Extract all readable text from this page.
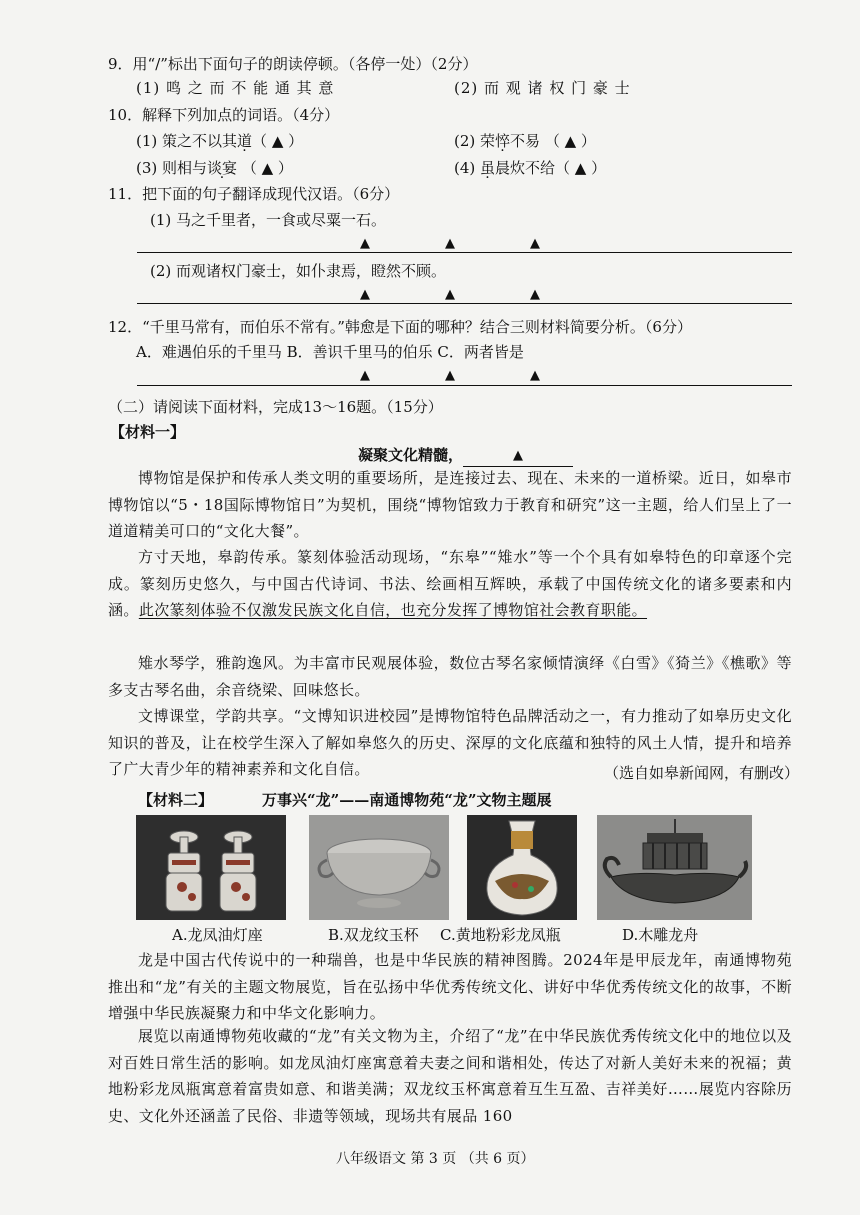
9．用“/”标出下面句子的朗读停顿。（各停一处）（2分）
(1) 鸣 之 而 不 能 通 其 意	(2) 而 观 诸 权 门 豪 士
10．解释下列加点的词语。（4分）
(1) 策之不以其道（ ▲ ）	(2) 荣悴不易 （ ▲ ）
(3) 则相与谈宴 （ ▲ ）	(4) 虽晨炊不给（ ▲ ）
11．把下面的句子翻译成现代汉语。（6分）
(1) 马之千里者，一食或尽粟一石。
▲	▲	▲
(2) 而观诸权门豪士，如仆隶焉，瞪然不顾。
▲	▲	▲
12．“千里马常有，而伯乐不常有。”韩愈是下面的哪种？结合三则材料简要分析。（6分）
A．难遇伯乐的千里马 B．善识千里马的伯乐 C．两者皆是
▲	▲	▲
（二）请阅读下面材料，完成13～16题。（15分）
【材料一】
凝聚文化精髓，	▲
博物馆是保护和传承人类文明的重要场所，是连接过去、现在、未来的一道桥梁。近日，如皋市博物馆以“5・18国际博物馆日”为契机，围绕“博物馆致力于教育和研究”这一主题，给人们呈上了一道道精美可口的“文化大餐”。
方寸天地，皋韵传承。篆刻体验活动现场，“东皋”“雉水”等一个个具有如皋特色的印章逐个完成。篆刻历史悠久，与中国古代诗词、书法、绘画相互辉映，承载了中国传统文化的诸多要素和内涵。此次篆刻体验不仅激发民族文化自信，也充分发挥了博物馆社会教育职能。
雉水琴学，雅韵逸风。为丰富市民观展体验，数位古琴名家倾情演绎《白雪》《猗兰》《樵歌》等多支古琴名曲，余音绕梁、回味悠长。
文博课堂，学韵共享。“文博知识进校园”是博物馆特色品牌活动之一，有力推动了如皋历史文化知识的普及，让在校学生深入了解如皋悠久的历史、深厚的文化底蕴和独特的风土人情，提升和培养了广大青少年的精神素养和文化自信。	（选自如皋新闻网，有删改）
【材料二】	万事兴“龙”——南通博物苑“龙”文物主题展
A.龙凤油灯座	B.双龙纹玉杯 C.黄地粉彩龙凤瓶	D.木雕龙舟
龙是中国古代传说中的一种瑞兽，也是中华民族的精神图腾。2024年是甲辰龙年，南通博物苑推出和“龙”有关的主题文物展览，旨在弘扬中华优秀传统文化、讲好中华优秀传统文化的故事，不断增强中华民族凝聚力和中华文化影响力。
展览以南通博物苑收藏的“龙”有关文物为主，介绍了“龙”在中华民族优秀传统文化中的地位以及对百姓日常生活的影响。如龙凤油灯座寓意着夫妻之间和谐相处，传达了对新人美好未来的祝福；黄地粉彩龙凤瓶寓意着富贵如意、和谐美满；双龙纹玉杯寓意着互生互盈、吉祥美好……展览内容除历史、文化外还涵盖了民俗、非遗等领域，现场共有展品 160
八年级语文 第 3 页 （共 6 页）
